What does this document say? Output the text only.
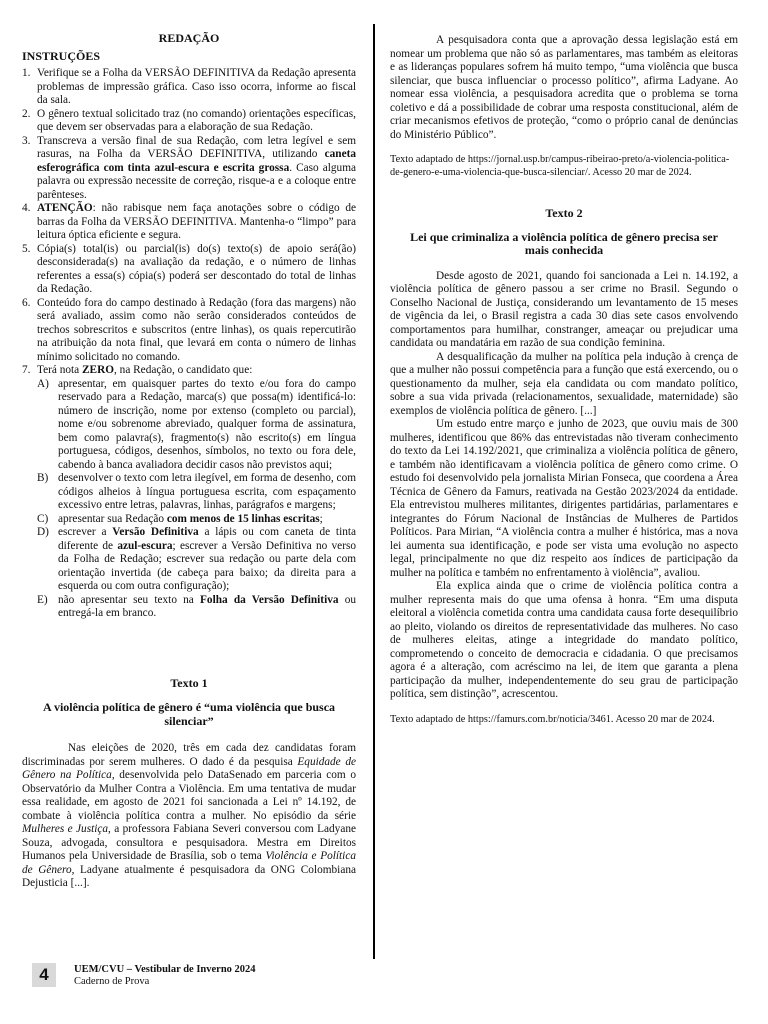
REDAÇÃO
INSTRUÇÕES
1. Verifique se a Folha da VERSÃO DEFINITIVA da Redação apresenta problemas de impressão gráfica. Caso isso ocorra, informe ao fiscal da sala.
2. O gênero textual solicitado traz (no comando) orientações específicas, que devem ser observadas para a elaboração de sua Redação.
3. Transcreva a versão final de sua Redação, com letra legível e sem rasuras, na Folha da VERSÃO DEFINITIVA, utilizando caneta esferográfica com tinta azul-escura e escrita grossa. Caso alguma palavra ou expressão necessite de correção, risque-a e a coloque entre parênteses.
4. ATENÇÃO: não rabisque nem faça anotações sobre o código de barras da Folha da VERSÃO DEFINITIVA. Mantenha-o “limpo” para leitura óptica eficiente e segura.
5. Cópia(s) total(is) ou parcial(is) do(s) texto(s) de apoio será(ão) desconsiderada(s) na avaliação da redação, e o número de linhas referentes a essa(s) cópia(s) poderá ser descontado do total de linhas da Redação.
6. Conteúdo fora do campo destinado à Redação (fora das margens) não será avaliado, assim como não serão considerados conteúdos de trechos sobrescritos e subscritos (entre linhas), os quais repercutirão na atribuição da nota final, que levará em conta o número de linhas mínimo solicitado no comando.
7. Terá nota ZERO, na Redação, o candidato que:
A) apresentar, em quaisquer partes do texto e/ou fora do campo reservado para a Redação, marca(s) que possa(m) identificá-lo: número de inscrição, nome por extenso (completo ou parcial), nome e/ou sobrenome abreviado, qualquer forma de assinatura, bem como palavra(s), fragmento(s) não escrito(s) em língua portuguesa, códigos, desenhos, símbolos, no texto ou fora dele, cabendo à banca avaliadora decidir casos não previstos aqui;
B) desenvolver o texto com letra ilegível, em forma de desenho, com códigos alheios à língua portuguesa escrita, com espaçamento excessivo entre letras, palavras, linhas, parágrafos e margens;
C) apresentar sua Redação com menos de 15 linhas escritas;
D) escrever a Versão Definitiva a lápis ou com caneta de tinta diferente de azul-escura; escrever a Versão Definitiva no verso da Folha de Redação; escrever sua redação ou parte dela com orientação invertida (de cabeça para baixo; da direita para a esquerda ou com outra configuração);
E) não apresentar seu texto na Folha da Versão Definitiva ou entregá-la em branco.
Texto 1
A violência política de gênero é “uma violência que busca silenciar”

Nas eleições de 2020, três em cada dez candidatas foram discriminadas por serem mulheres. O dado é da pesquisa Equidade de Gênero na Política, desenvolvida pelo DataSenado em parceria com o Observatório da Mulher Contra a Violência. Em uma tentativa de mudar essa realidade, em agosto de 2021 foi sancionada a Lei nº 14.192, de combate à violência política contra a mulher. No episódio da série Mulheres e Justiça, a professora Fabiana Severi conversou com Ladyane Souza, advogada, consultora e pesquisadora. Mestra em Direitos Humanos pela Universidade de Brasília, sob o tema Violência e Política de Gênero, Ladyane atualmente é pesquisadora da ONG Colombiana Dejusticia [...].

A pesquisadora conta que a aprovação dessa legislação está em nomear um problema que não só as parlamentares, mas também as eleitoras e as lideranças populares sofrem há muito tempo, “uma violência que busca silenciar, que busca influenciar o processo político”, afirma Ladyane. Ao nomear essa violência, a pesquisadora acredita que o problema se torna coletivo e dá a possibilidade de cobrar uma resposta constitucional, além de criar mecanismos efetivos de proteção, “como o próprio canal de denúncias do Ministério Público”.

Texto adaptado de https://jornal.usp.br/campus-ribeirao-preto/a-violencia-politica-de-genero-e-uma-violencia-que-busca-silenciar/. Acesso 20 mar de 2024.
Texto 2
Lei que criminaliza a violência política de gênero precisa ser mais conhecida

Desde agosto de 2021, quando foi sancionada a Lei n. 14.192, a violência política de gênero passou a ser crime no Brasil. Segundo o Conselho Nacional de Justiça, considerando um levantamento de 15 meses de vigência da lei, o Brasil registra a cada 30 dias sete casos envolvendo comportamentos para humilhar, constranger, ameaçar ou prejudicar uma candidata ou mandatária em razão de sua condição feminina.

A desqualificação da mulher na política pela indução à crença de que a mulher não possui competência para a função que está exercendo, ou o questionamento da mulher, seja ela candidata ou com mandato político, sobre a sua vida privada (relacionamentos, sexualidade, maternidade) são exemplos de violência política de gênero. [...]

Um estudo entre março e junho de 2023, que ouviu mais de 300 mulheres, identificou que 86% das entrevistadas não tiveram conhecimento do texto da Lei 14.192/2021, que criminaliza a violência política de gênero, e também não identificavam a violência política de gênero como crime. O estudo foi desenvolvido pela jornalista Mirian Fonseca, que coordena a Área Técnica de Gênero da Famurs, reativada na Gestão 2023/2024 da entidade. Ela entrevistou mulheres militantes, dirigentes partidárias, parlamentares e integrantes do Fórum Nacional de Instâncias de Mulheres de Partidos Políticos. Para Mirian, “A violência contra a mulher é histórica, mas a nova lei aumenta sua identificação, e pode ser vista uma evolução no aspecto legal, principalmente no que diz respeito aos índices de participação da mulher na política e também no enfrentamento à violência”, avaliou.

Ela explica ainda que o crime de violência política contra a mulher representa mais do que uma ofensa à honra. “Em uma disputa eleitoral a violência cometida contra uma candidata causa forte desequilíbrio ao pleito, violando os direitos de representatividade das mulheres. No caso de mulheres eleitas, atinge a integridade do mandato político, comprometendo o conceito de democracia e cidadania. O que precisamos agora é a alteração, com acréscimo na lei, de item que garanta a plena participação da mulher, independentemente do seu grau de participação política, sem distinção”, acrescentou.

Texto adaptado de https://famurs.com.br/noticia/3461. Acesso 20 mar de 2024.
4	UEM/CVU – Vestibular de Inverno 2024
Caderno de Prova
